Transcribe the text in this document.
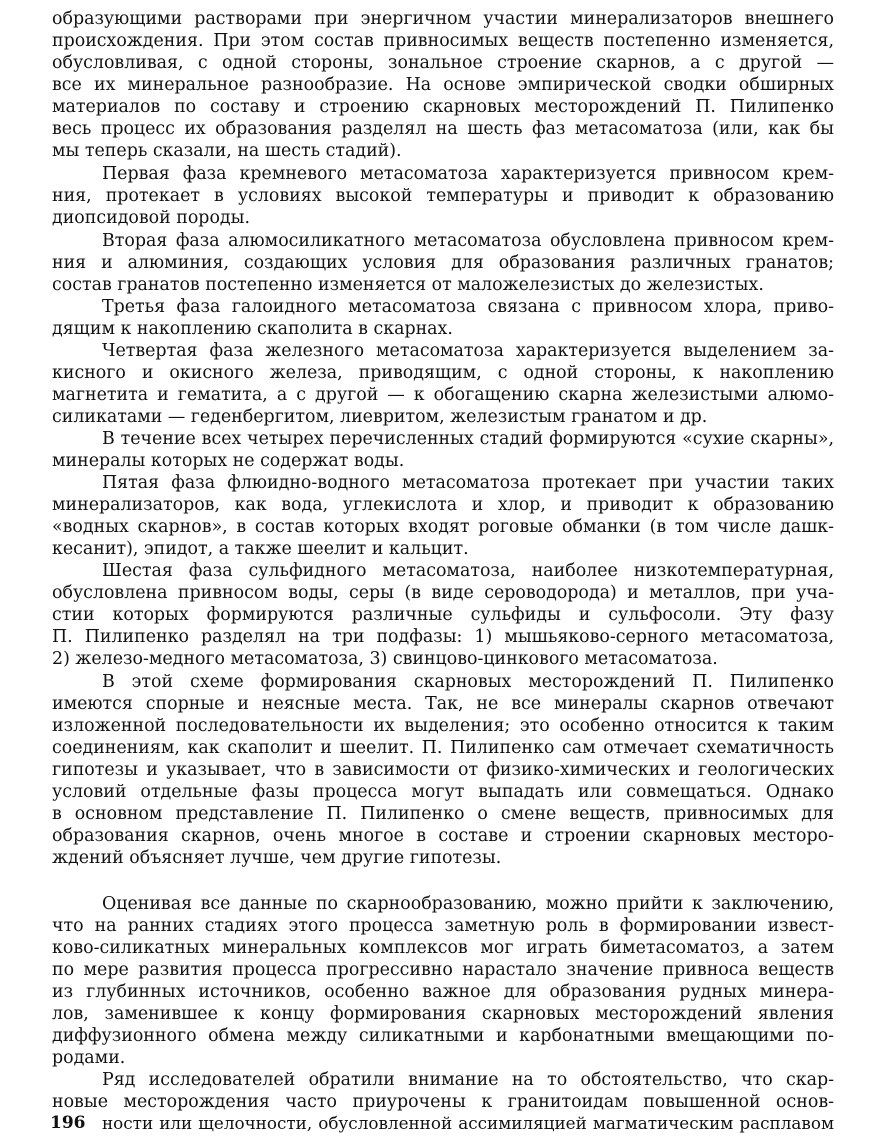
образующими растворами при энергичном участии минерализаторов внешнего
происхождения. При этом состав привносимых веществ постепенно изменяется,
обусловливая, с одной стороны, зональное строение скарнов, а с другой —
все их минеральное разнообразие. На основе эмпирической сводки обширных
материалов по составу и строению скарновых месторождений П. Пилипенко
весь процесс их образования разделял на шесть фаз метасоматоза (или, как бы
мы теперь сказали, на шесть стадий).
Первая фаза кремневого метасоматоза характеризуется привносом крем-
ния, протекает в условиях высокой температуры и приводит к образованию
диопсидовой породы.
Вторая фаза алюмосиликатного метасоматоза обусловлена привносом крем-
ния и алюминия, создающих условия для образования различных гранатов;
состав гранатов постепенно изменяется от маложелезистых до железистых.
Третья фаза галоидного метасоматоза связана с привносом хлора, приво-
дящим к накоплению скаполита в скарнах.
Четвертая фаза железного метасоматоза характеризуется выделением за-
кисного и окисного железа, приводящим, с одной стороны, к накоплению
магнетита и гематита, а с другой — к обогащению скарна железистыми алюмо-
силикатами — геденбергитом, лиевритом, железистым гранатом и др.
В течение всех четырех перечисленных стадий формируются «сухие скарны»,
минералы которых не содержат воды.
Пятая фаза флюидно-водного метасоматоза протекает при участии таких
минерализаторов, как вода, углекислота и хлор, и приводит к образованию
«водных скарнов», в состав которых входят роговые обманки (в том числе дашк-
кесанит), эпидот, а также шеелит и кальцит.
Шестая фаза сульфидного метасоматоза, наиболее низкотемпературная,
обусловлена привносом воды, серы (в виде сероводорода) и металлов, при уча-
стии которых формируются различные сульфиды и сульфосоли. Эту фазу
П. Пилипенко разделял на три подфазы: 1) мышьяково-серного метасоматоза,
2) железо-медного метасоматоза, 3) свинцово-цинкового метасоматоза.
В этой схеме формирования скарновых месторождений П. Пилипенко
имеются спорные и неясные места. Так, не все минералы скарнов отвечают
изложенной последовательности их выделения; это особенно относится к таким
соединениям, как скаполит и шеелит. П. Пилипенко сам отмечает схематичность
гипотезы и указывает, что в зависимости от физико-химических и геологических
условий отдельные фазы процесса могут выпадать или совмещаться. Однако
в основном представление П. Пилипенко о смене веществ, привносимых для
образования скарнов, очень многое в составе и строении скарновых месторо-
ждений объясняет лучше, чем другие гипотезы.
Оценивая все данные по скарнообразованию, можно прийти к заключению,
что на ранних стадиях этого процесса заметную роль в формировании извест-
ково-силикатных минеральных комплексов мог играть биметасоматоз, а затем
по мере развития процесса прогрессивно нарастало значение привноса веществ
из глубинных источников, особенно важное для образования рудных минера-
лов, заменившее к концу формирования скарновых месторождений явления
диффузионного обмена между силикатными и карбонатными вмещающими по-
родами.
Ряд исследователей обратили внимание на то обстоятельство, что скар-
новые месторождения часто приурочены к гранитоидам повышенной основ-
ности или щелочности, обусловленной ассимиляцией магматическим расплавом
196
